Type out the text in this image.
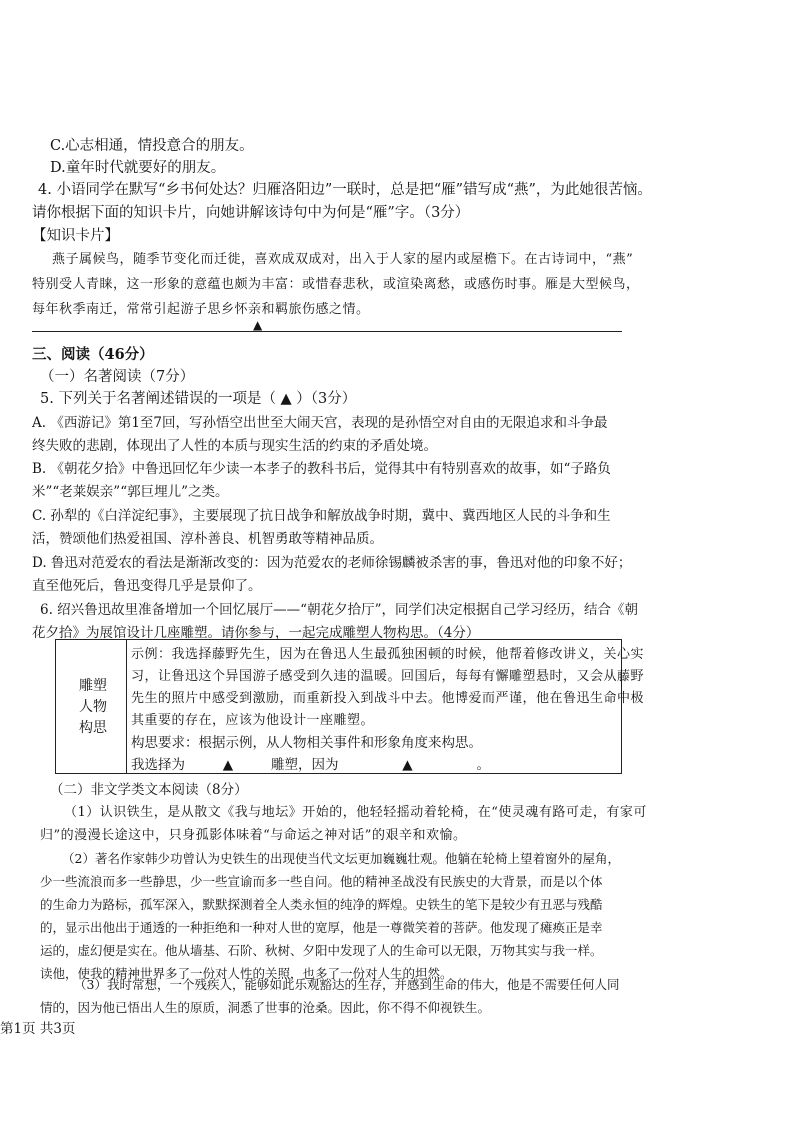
C.心志相通，情投意合的朋友。
D.童年时代就要好的朋友。
4. 小语同学在默写“乡书何处达？归雁洛阳边”一联时，总是把“雁”错写成“燕”，为此她很苦恼。
请你根据下面的知识卡片，向她讲解该诗句中为何是“雁”字。（3分）
【知识卡片】
燕子属候鸟，随季节变化而迁徙，喜欢成双成对，出入于人家的屋内或屋檐下。在古诗词中，“燕”
特别受人青睐，这一形象的意蕴也颇为丰富：或惜春悲秋，或渲染离愁，或感伤时事。雁是大型候鸟，
每年秋季南迁，常常引起游子思乡怀亲和羁旅伤感之情。
▲
三、阅读（46分）
（一）名著阅读（7分）
5. 下列关于名著阐述错误的一项是（ ▲ ）（3分）
A. 《西游记》第1至7回，写孙悟空出世至大闹天宫，表现的是孙悟空对自由的无限追求和斗争最
终失败的悲剧，体现出了人性的本质与现实生活的约束的矛盾处境。
B. 《朝花夕拾》中鲁迅回忆年少读一本孝子的教科书后，觉得其中有特别喜欢的故事，如“子路负
米”“老莱娱亲”“郭巨埋儿”之类。
C. 孙犁的《白洋淀纪事》，主要展现了抗日战争和解放战争时期，冀中、冀西地区人民的斗争和生
活，赞颂他们热爱祖国、淳朴善良、机智勇敢等精神品质。
D. 鲁迅对范爱农的看法是渐渐改变的：因为范爱农的老师徐锡麟被杀害的事，鲁迅对他的印象不好；
直至他死后，鲁迅变得几乎是景仰了。
6. 绍兴鲁迅故里准备增加一个回忆展厅——“朝花夕拾厅”，同学们决定根据自己学习经历，结合《朝
花夕拾》为展馆设计几座雕塑。请你参与，一起完成雕塑人物构思。（4分）
雕塑人物构思
示例：我选择藤野先生，因为在鲁迅人生最孤独困顿的时候，他帮着修改讲义，关心实
习，让鲁迅这个异国游子感受到久违的温暖。回国后，每每有懈雕塑悬时，又会从藤野
先生的照片中感受到激励，而重新投入到战斗中去。他博爱而严谨，他在鲁迅生命中极
其重要的存在，应该为他设计一座雕塑。
构思要求：根据示例，从人物相关事件和形象角度来构思。
我选择为	▲	雕塑，因为	▲	。
（二）非文学类文本阅读（8分）
（1）认识铁生，是从散文《我与地坛》开始的，他轻轻摇动着轮椅，在“使灵魂有路可走，有家可
归”的漫漫长途这中，只身孤影体味着“与命运之神对话”的艰辛和欢愉。
（2）著名作家韩少功曾认为史铁生的出现使当代文坛更加巍巍壮观。他躺在轮椅上望着窗外的屋角，
少一些流浪而多一些静思，少一些宣谕而多一些自问。他的精神圣战没有民族史的大背景，而是以个体
的生命力为路标，孤军深入，默默探测着全人类永恒的纯净的辉煌。史铁生的笔下是较少有丑恶与残酷
的，显示出他出于通透的一种拒绝和一种对人世的宽厚，他是一尊微笑着的菩萨。他发现了瘫痪正是幸
运的，虚幻便是实在。他从墙基、石阶、秋树、夕阳中发现了人的生命可以无限，万物其实与我一样。
读他，使我的精神世界多了一份对人性的关照，也多了一份对人生的坦然。
（3）我时常想，一个残疾人，能够如此乐观豁达的生存，并感到生命的伟大，他是不需要任何人同
情的，因为他已悟出人生的原质，洞悉了世事的沧桑。因此，你不得不仰视铁生。
第1页 共3页
